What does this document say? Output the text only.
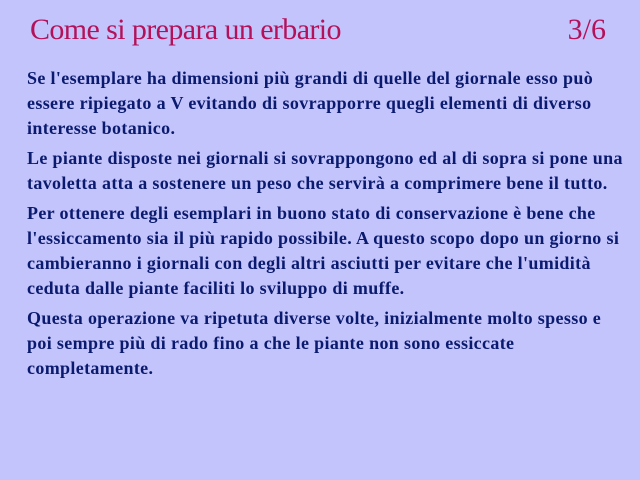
Come si prepara un erbario	3/6

Se l'esemplare ha dimensioni più grandi di quelle del giornale esso può essere ripiegato a V evitando di sovrapporre quegli elementi di diverso interesse botanico.

Le piante disposte nei giornali si sovrappongono ed al di sopra si pone una tavoletta atta a sostenere un peso che servirà a comprimere bene il tutto.

Per ottenere degli esemplari in buono stato di conservazione è bene che l'essiccamento sia il più rapido possibile. A questo scopo dopo un giorno si cambieranno i giornali con degli altri asciutti per evitare che l'umidità ceduta dalle piante faciliti lo sviluppo di muffe.

Questa operazione va ripetuta diverse volte, inizialmente molto spesso e poi sempre più di rado fino a che le piante non sono essiccate completamente.
